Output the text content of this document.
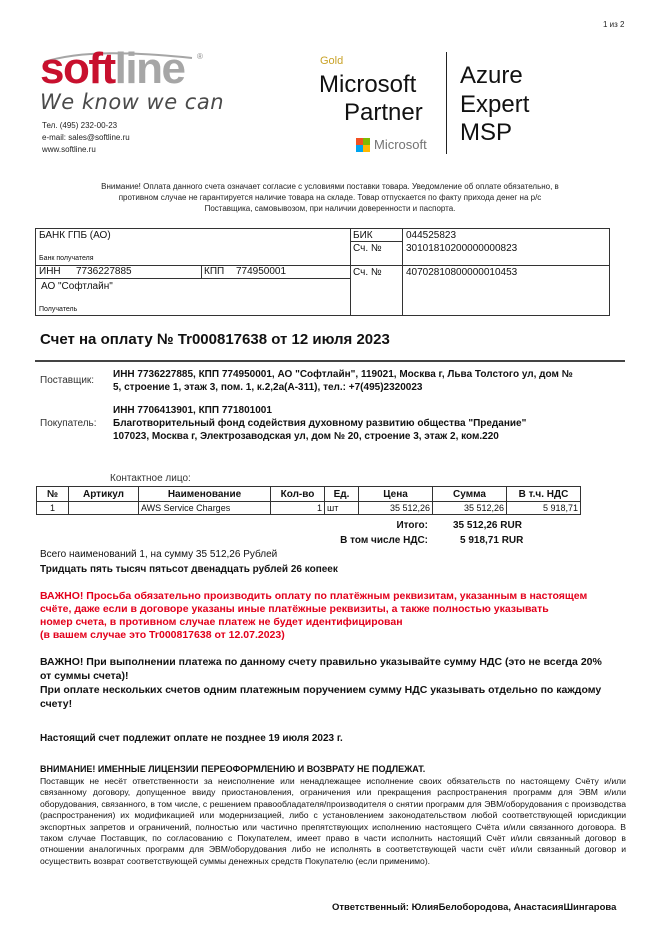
1 из 2
softline ®
We know we can
Тел. (495) 232-00-23
e-mail: sales@softline.ru
www.softline.ru
Gold
Microsoft
Partner
Microsoft
Azure
Expert
MSP
Внимание! Оплата данного счета означает согласие с условиями поставки товара. Уведомление об оплате обязательно, в противном случае не гарантируется наличие товара на складе. Товар отпускается по факту прихода денег на р/с Поставщика, самовывозом, при наличии доверенности и паспорта.
БАНК ГПБ (АО)
Банк получателя
ИНН 7736227885	КПП 774950001
АО "Софтлайн"
Получатель
БИК	044525823
Сч. № 30101810200000000823
Сч. № 40702810800000010453
Счет на оплату № Tr000817638 от 12 июля 2023
Поставщик:
ИНН 7736227885, КПП 774950001, АО "Софтлайн", 119021, Москва г, Льва Толстого ул, дом №
5, строение 1, этаж 3, пом. 1, к.2,2а(А-311), тел.: +7(495)2320023
ИНН 7706413901, КПП 771801001
Покупатель: Благотворительный фонд содействия духовному развитию общества "Предание"
107023, Москва г, Электрозаводская ул, дом № 20, строение 3, этаж 2, ком.220
Контактное лицо:
№	Артикул	Наименование	Кол-во	Ед.	Цена	Сумма	В т.ч. НДС
1		AWS Service Charges	1	шт	35 512,26	35 512,26	5 918,71
Итого:	35 512,26 RUR
В том числе НДС:	5 918,71 RUR
Всего наименований 1, на сумму 35 512,26 Рублей
Тридцать пять тысяч пятьсот двенадцать рублей 26 копеек
ВАЖНО! Просьба обязательно производить оплату по платёжным реквизитам, указанным в настоящем
счёте, даже если в договоре указаны иные платёжные реквизиты, а также полностью указывать
номер счета, в противном случае платеж не будет идентифицирован
(в вашем случае это Tr000817638 от 12.07.2023)
ВАЖНО! При выполнении платежа по данному счету правильно указывайте сумму НДС (это не всегда 20%
от суммы счета)!
При оплате нескольких счетов одним платежным поручением сумму НДС указывать отдельно по каждому
счету!
Настоящий счет подлежит оплате не позднее 19 июля 2023 г.
ВНИМАНИЕ! ИМЕННЫЕ ЛИЦЕНЗИИ ПЕРЕОФОРМЛЕНИЮ И ВОЗВРАТУ НЕ ПОДЛЕЖАТ.
Поставщик не несёт ответственности за неисполнение или ненадлежащее исполнение своих обязательств по настоящему Счёту и/или связанному договору, допущенное ввиду приостановления, ограничения или прекращения распространения программ для ЭВМ и/или оборудования, связанного, в том числе, с решением правообладателя/производителя о снятии программ для ЭВМ/оборудования с производства (распространения) их модификацией или модернизацией, либо с установлением законодательством любой соответствующей юрисдикции экспортных запретов и ограничений, полностью или частично препятствующих исполнению настоящего Счёта и/или связанного договора. В таком случае Поставщик, по согласованию с Покупателем, имеет право в части исполнить настоящий Счёт и/или связанный договор в отношении аналогичных программ для ЭВМ/оборудования либо не исполнять в соответствующей части счёт и/или связанный договор и осуществить возврат соответствующей суммы денежных средств Покупателю (если применимо).
Ответственный: ЮлияБелобородова, АнастасияШингарова
